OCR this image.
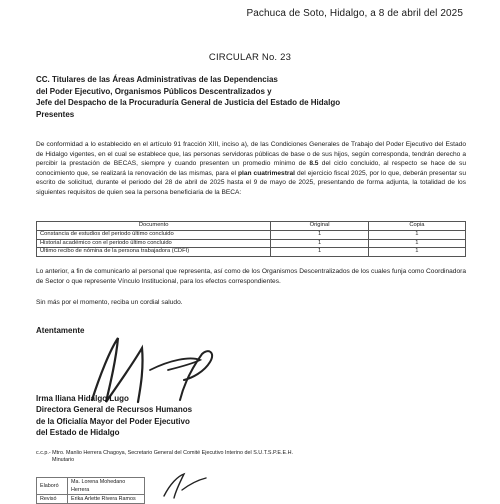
Pachuca de Soto, Hidalgo, a 8 de abril del 2025
CIRCULAR No. 23
CC. Titulares de las Áreas Administrativas de las Dependencias
del Poder Ejecutivo, Organismos Públicos Descentralizados y
Jefe del Despacho de la Procuraduría General de Justicia del Estado de Hidalgo
Presentes
De conformidad a lo establecido en el artículo 91 fracción XIII, inciso a), de las Condiciones Generales de Trabajo del Poder Ejecutivo del Estado de Hidalgo vigentes, en el cual se establece que, las personas servidoras públicas de base o de sus hijos, según corresponda, tendrán derecho a percibir la prestación de BECAS, siempre y cuando presenten un promedio mínimo de 8.5 del ciclo concluido, al respecto se hace de su conocimiento que, se realizará la renovación de las mismas, para el plan cuatrimestral del ejercicio fiscal 2025, por lo que, deberán presentar su escrito de solicitud, durante el periodo del 28 de abril de 2025 hasta el 9 de mayo de 2025, presentando de forma adjunta, la totalidad de los siguientes requisitos de quien sea la persona beneficiaria de la BECA:
Documento	Original	Copia
Constancia de estudios del periodo último concluido	1	1
Historial académico con el periodo último concluido	1	1
Último recibo de nómina de la persona trabajadora (CDFI)	1	1
Lo anterior, a fin de comunicarlo al personal que representa, así como de los Organismos Descentralizados de los cuales funja como Coordinadora de Sector o que represente Vínculo Institucional, para los efectos correspondientes.
Sin más por el momento, reciba un cordial saludo.
Atentamente
Irma Iliana Hidalgo Lugo
Directora General de Recursos Humanos
de la Oficialía Mayor del Poder Ejecutivo
del Estado de Hidalgo
c.c.p.- Mtro. Manlio Herrera Chagoya, Secretario General del Comité Ejecutivo Interino del S.U.T.S.P.E.E.H.
Minutario
Elaboró	Ma. Lorena Mohedano Herrera
Revisó	Erika Arlette Rivera Ramos
